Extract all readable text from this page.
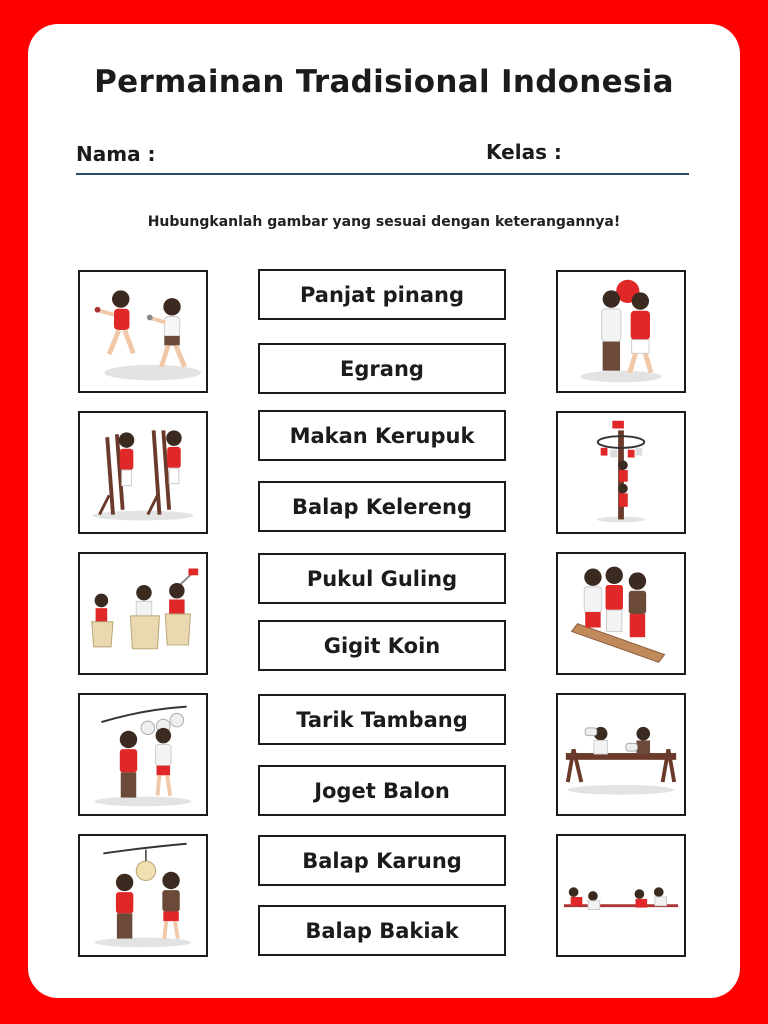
Permainan Tradisional Indonesia
Nama :	Kelas :
Hubungkanlah gambar yang sesuai dengan keterangannya!
Panjat pinang
Egrang
Makan Kerupuk
Balap Kelereng
Pukul Guling
Gigit Koin
Tarik Tambang
Joget Balon
Balap Karung
Balap Bakiak
